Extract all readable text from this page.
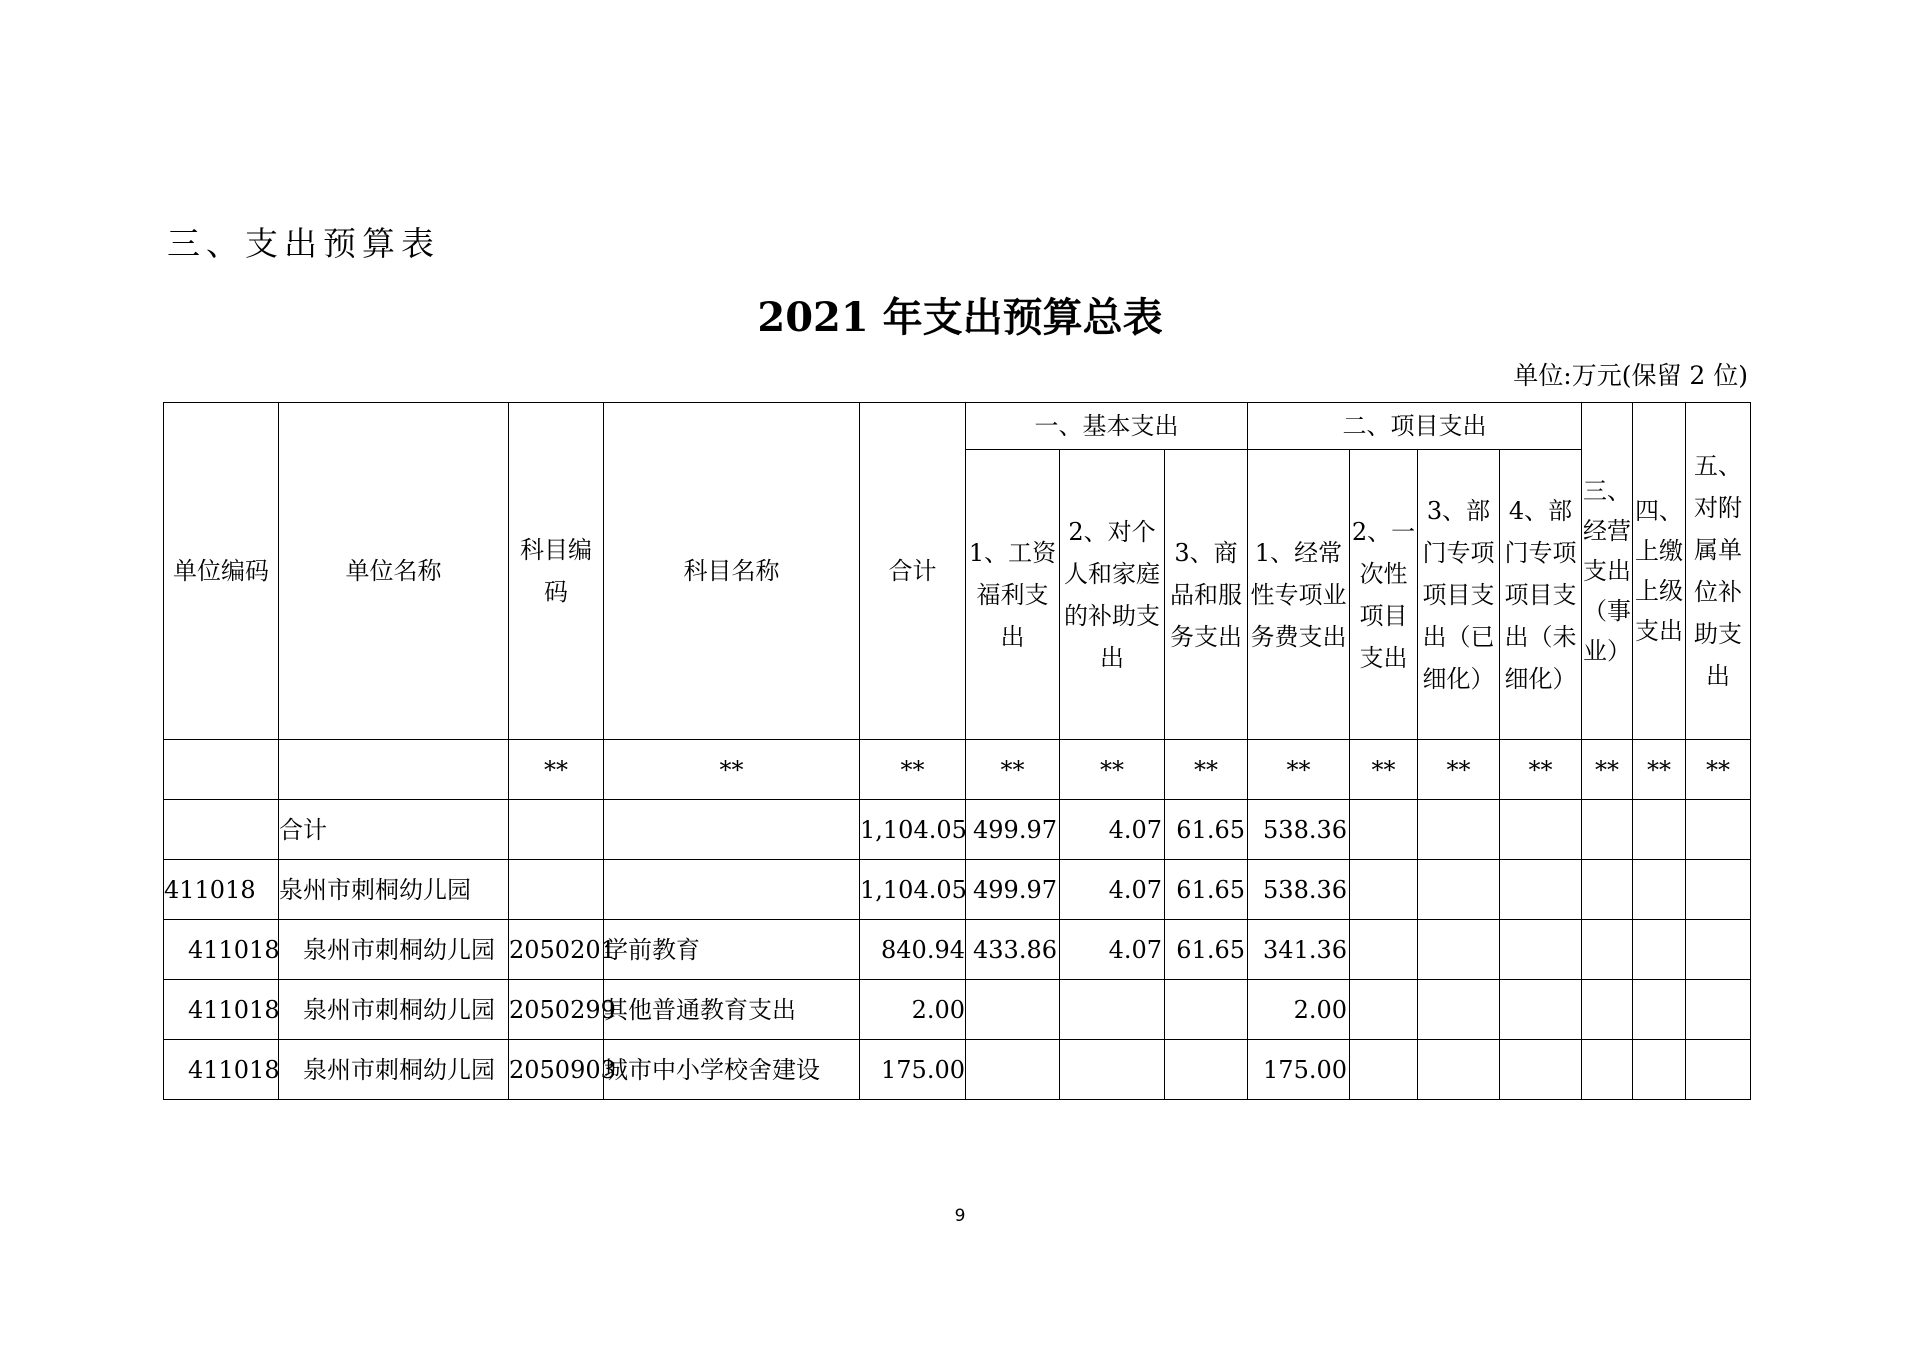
三、支出预算表
2021 年支出预算总表
单位:万元(保留 2 位)
单位编码	单位名称	科目编码	科目名称	合计	一、基本支出			二、项目支出				三、经营支出（事业）	四、上缴上级支出	五、对附属单位补助支出
					1、工资福利支出	2、对个人和家庭的补助支出	3、商品和服务支出	1、经常性专项业务费支出	2、一次性项目支出	3、部门专项项目支出（已细化）	4、部门专项项目支出（未细化）			
		**	**	**	**	**	**	**	**	**	**	**	**	**
	合计			1,104.05	499.97	4.07	61.65	538.36						
411018	泉州市刺桐幼儿园			1,104.05	499.97	4.07	61.65	538.36						
411018	泉州市刺桐幼儿园	2050201	学前教育	840.94	433.86	4.07	61.65	341.36						
411018	泉州市刺桐幼儿园	2050299	其他普通教育支出	2.00				2.00						
411018	泉州市刺桐幼儿园	2050903	城市中小学校舍建设	175.00				175.00						
9
